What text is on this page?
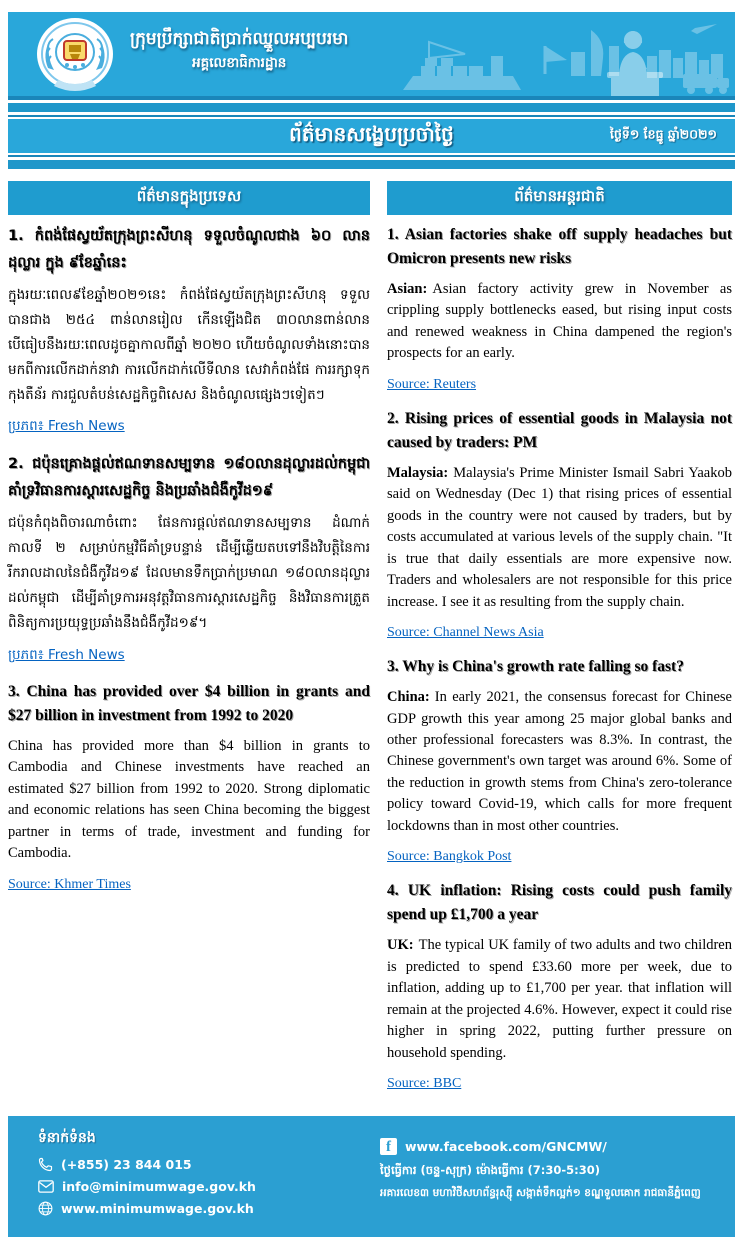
ក្រុមប្រឹក្សាជាតិប្រាក់ឈ្នួលអប្បបរមា
អគ្គលេខាធិការដ្ឋាន
ព័ត៌មានសង្ខេបប្រចាំថ្ងៃ	ថ្ងៃទី១ ខែធ្នូ ឆ្នាំ២០២១
ព័ត៌មានក្នុងប្រទេស
1. កំពង់ផែស្វយ័តក្រុងព្រះសីហនុ ទទួលចំណូលជាង ៦០ លានដុល្លារ ក្នុង ៩ខែឆ្នាំនេះ
ក្នុងរយៈពេល៩ខែឆ្នាំ២០២១នេះ កំពង់ផែស្វយ័តក្រុងព្រះសីហនុ ទទួលបានជាង ២៥៤ ពាន់លានរៀល កើនឡើងជិត ៣០លានពាន់លាន បើធៀបនឹងរយៈពេលដូចគ្នាកាលពីឆ្នាំ ២០២០ ហើយចំណូលទាំងនោះបានមកពីការលើកដាក់នាវា ការលើកដាក់លើទីលាន សេវាកំពង់ផែ ការរក្សាទុកកុងតឺន័រ ការជួលតំបន់សេដ្ឋកិច្ចពិសេស និងចំណូលផ្សេងៗទៀតៗ
ប្រភព៖ Fresh News
2. ជប៉ុនគ្រោងផ្តល់ឥណទានសម្បទាន ១៨០លានដុល្លារដល់កម្ពុជា គាំទ្រវិធានការស្ដារសេដ្ឋកិច្ច និងប្រឆាំងជំងឺកូវីដ១៩
ជប៉ុនកំពុងពិចារណាចំពោះ ផែនការផ្តល់ឥណទានសម្បទាន ដំណាក់កាលទី ២ សម្រាប់កម្មវិធីគាំទ្របន្ទាន់ ដើម្បីឆ្លើយតបទៅនឹងវិបត្តិនៃការរីករាលដាលនៃជំងឺកូវីដ១៩ ដែលមានទឹកប្រាក់ប្រមាណ ១៨០លានដុល្លារដល់កម្ពុជា ដើម្បីគាំទ្រការអនុវត្តវិធានការស្ដារសេដ្ឋកិច្ច និងវិធានការត្រួតពិនិត្យការប្រយុទ្ធប្រឆាំងនឹងជំងឺកូវីដ១៩។
ប្រភព៖ Fresh News
3. China has provided over $4 billion in grants and $27 billion in investment from 1992 to 2020
China has provided more than $4 billion in grants to Cambodia and Chinese investments have reached an estimated $27 billion from 1992 to 2020. Strong diplomatic and economic relations has seen China becoming the biggest partner in terms of trade, investment and funding for Cambodia.
Source: Khmer Times
ព័ត៌មានអន្តរជាតិ
1. Asian factories shake off supply headaches but Omicron presents new risks
Asian: Asian factory activity grew in November as crippling supply bottlenecks eased, but rising input costs and renewed weakness in China dampened the region's prospects for an early.
Source: Reuters
2. Rising prices of essential goods in Malaysia not caused by traders: PM
Malaysia: Malaysia's Prime Minister Ismail Sabri Yaakob said on Wednesday (Dec 1) that rising prices of essential goods in the country were not caused by traders, but by costs accumulated at various levels of the supply chain. "It is true that daily essentials are more expensive now. Traders and wholesalers are not responsible for this price increase. I see it as resulting from the supply chain.
Source: Channel News Asia
3. Why is China's growth rate falling so fast?
China: In early 2021, the consensus forecast for Chinese GDP growth this year among 25 major global banks and other professional forecasters was 8.3%. In contrast, the Chinese government's own target was around 6%. Some of the reduction in growth stems from China's zero-tolerance policy toward Covid-19, which calls for more frequent lockdowns than in most other countries.
Source: Bangkok Post
4. UK inflation: Rising costs could push family spend up £1,700 a year
UK: The typical UK family of two adults and two children is predicted to spend £33.60 more per week, due to inflation, adding up to £1,700 per year. that inflation will remain at the projected 4.6%. However, expect it could rise higher in spring 2022, putting further pressure on household spending.
Source: BBC
ទំនាក់ទំនង
(+855) 23 844 015
info@minimumwage.gov.kh
www.minimumwage.gov.kh
f	www.facebook.com/GNCMW/
ថ្ងៃធ្វើការ (ចន្ទ-សុក្រ) ម៉ោងធ្វើការ (7:30-5:30)
អគារលេខ៣ មហាវិថីសហព័ន្ធរុស្ស៊ី សង្កាត់ទឹកល្អក់១ ខណ្ឌទួលគោក រាជធានីភ្នំពេញ
